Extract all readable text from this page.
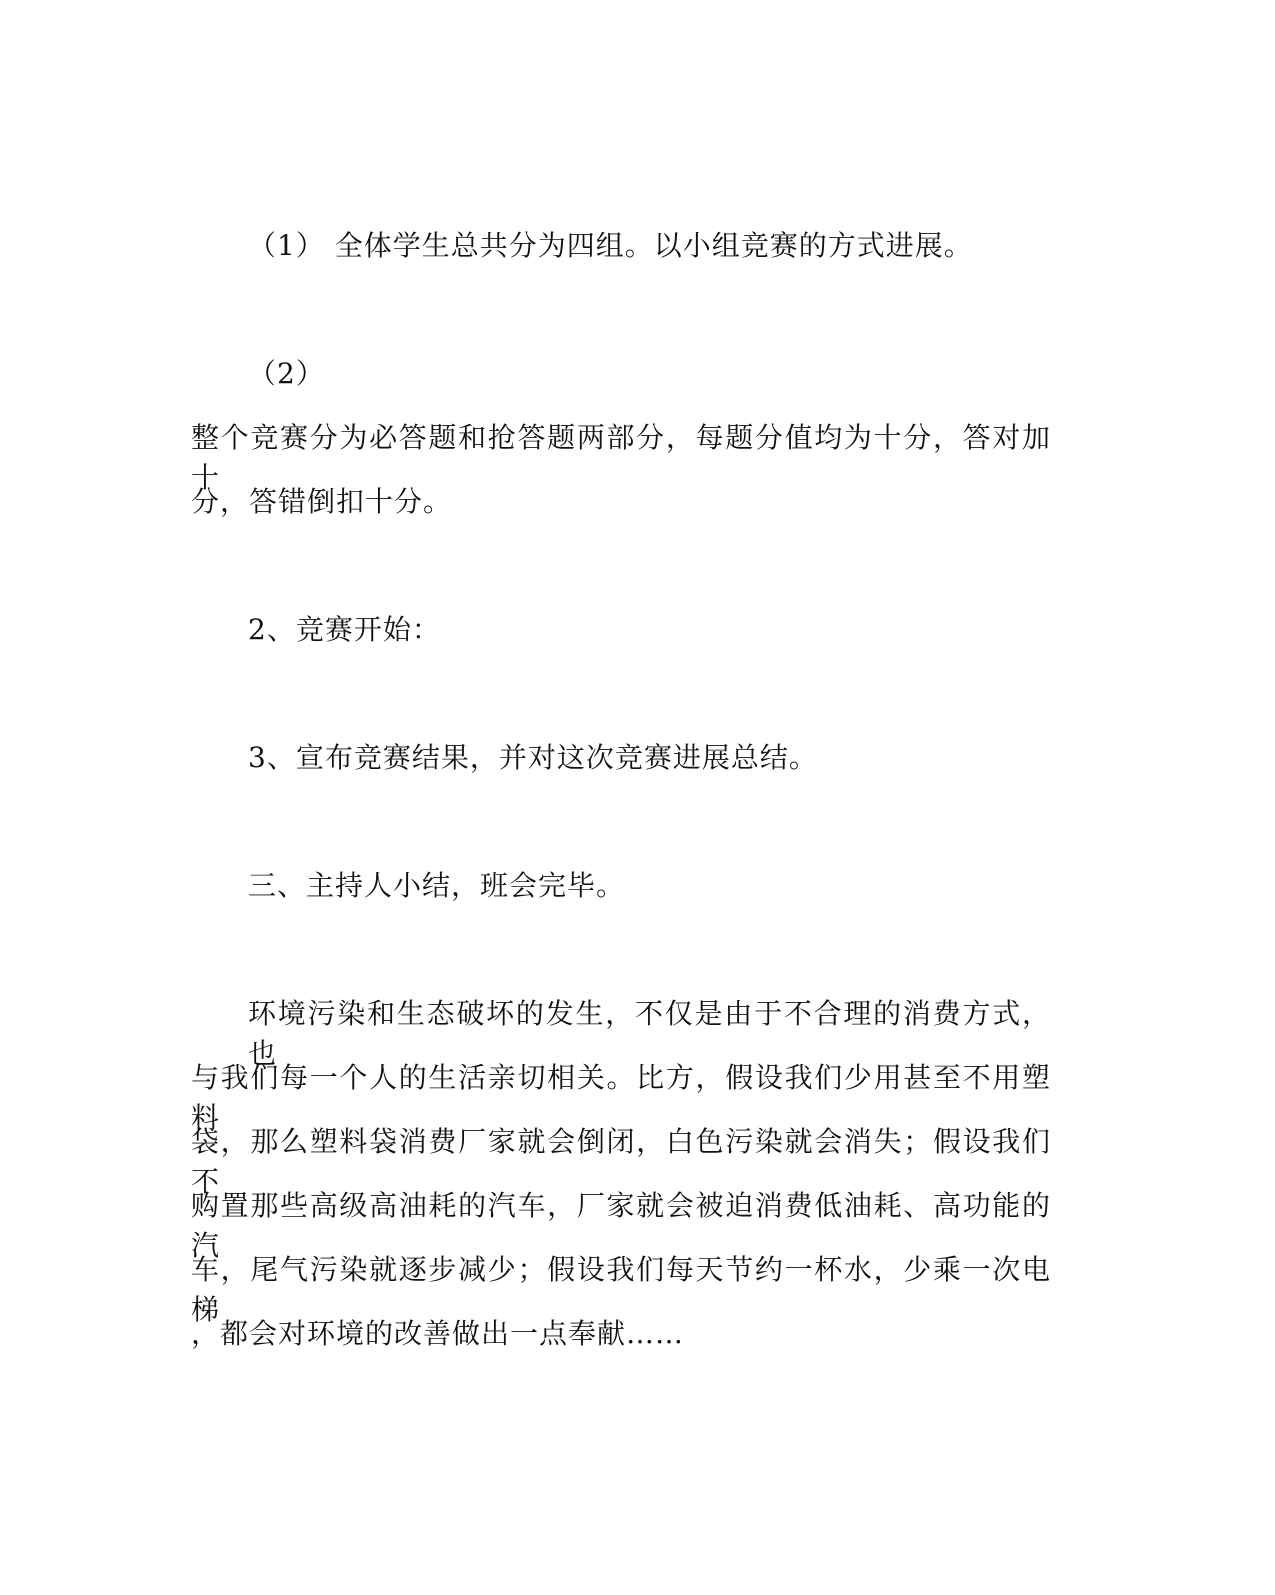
（1） 全体学生总共分为四组。以小组竞赛的方式进展。
（2）
整个竞赛分为必答题和抢答题两部分，每题分值均为十分，答对加十
分，答错倒扣十分。
2、竞赛开始：
3、宣布竞赛结果，并对这次竞赛进展总结。
三、主持人小结，班会完毕。
环境污染和生态破坏的发生，不仅是由于不合理的消费方式，也
与我们每一个人的生活亲切相关。比方，假设我们少用甚至不用塑料
袋，那么塑料袋消费厂家就会倒闭，白色污染就会消失；假设我们不
购置那些高级高油耗的汽车，厂家就会被迫消费低油耗、高功能的汽
车，尾气污染就逐步减少；假设我们每天节约一杯水，少乘一次电梯
，都会对环境的改善做出一点奉献……
